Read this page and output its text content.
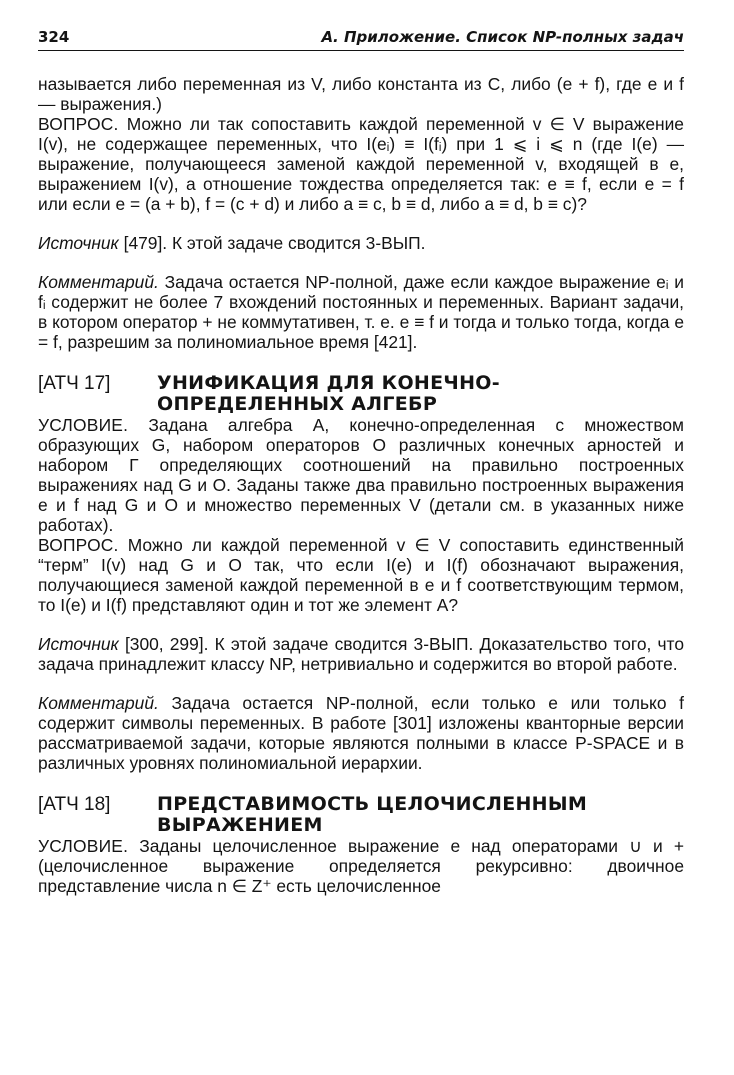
324	А. Приложение. Список NP-полных задач

называется либо переменная из V, либо константа из C, либо (e + f), где e и f — выражения.)

ВОПРОС. Можно ли так сопоставить каждой переменной v ∈ V выражение I(v), не содержащее переменных, что I(eᵢ) ≡ I(fᵢ) при 1 ⩽ i ⩽ n (где I(e) — выражение, получающееся заменой каждой переменной v, входящей в e, выражением I(v), а отношение тождества определяется так: e ≡ f, если e = f или если e = (a + b), f = (c + d) и либо a ≡ c, b ≡ d, либо a ≡ d, b ≡ c)?

Источник [479]. К этой задаче сводится 3-ВЫП.

Комментарий. Задача остается NP-полной, даже если каждое выражение eᵢ и fᵢ содержит не более 7 вхождений постоянных и переменных. Вариант задачи, в котором оператор + не коммутативен, т. е. e ≡ f и тогда и только тогда, когда e = f, разрешим за полиномиальное время [421].

[АТЧ 17]	УНИФИКАЦИЯ ДЛЯ КОНЕЧНО-
ОПРЕДЕЛЕННЫХ АЛГЕБР

УСЛОВИЕ. Задана алгебра A, конечно-определенная с множеством образующих G, набором операторов O различных конечных арностей и набором Γ определяющих соотношений на правильно построенных выражениях над G и O. Заданы также два правильно построенных выражения e и f над G и O и множество переменных V (детали см. в указанных ниже работах).

ВОПРОС. Можно ли каждой переменной v ∈ V сопоставить единственный “терм” I(v) над G и O так, что если I(e) и I(f) обозначают выражения, получающиеся заменой каждой переменной в e и f соответствующим термом, то I(e) и I(f) представляют один и тот же элемент A?

Источник [300, 299]. К этой задаче сводится 3-ВЫП. Доказательство того, что задача принадлежит классу NP, нетривиально и содержится во второй работе.

Комментарий. Задача остается NP-полной, если только e или только f содержит символы переменных. В работе [301] изложены кванторные версии рассматриваемой задачи, которые являются полными в классе P-SPACE и в различных уровнях полиномиальной иерархии.

[АТЧ 18]	ПРЕДСТАВИМОСТЬ ЦЕЛОЧИСЛЕННЫМ
ВЫРАЖЕНИЕМ

УСЛОВИЕ. Заданы целочисленное выражение e над операторами ∪ и + (целочисленное выражение определяется рекурсивно: двоичное представление числа n ∈ Z⁺ есть целочисленное
